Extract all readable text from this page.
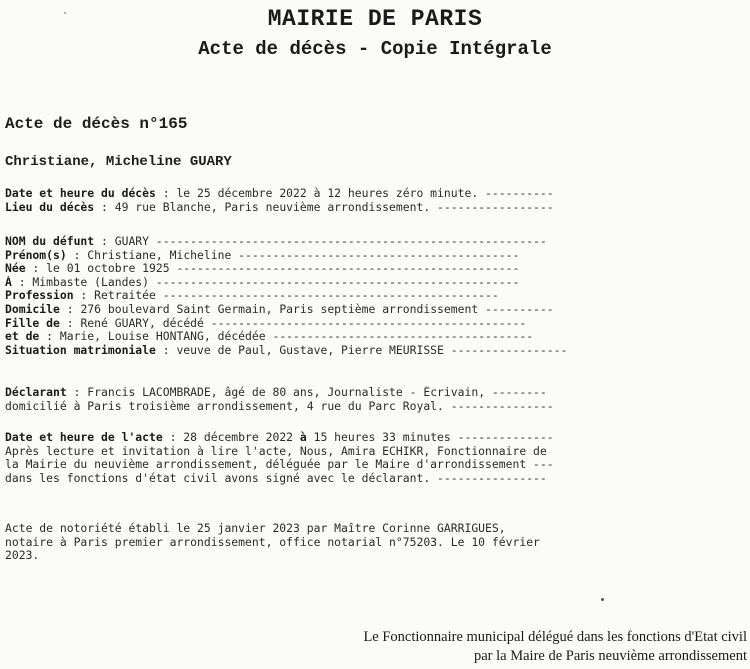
MAIRIE DE PARIS
Acte de décès - Copie Intégrale
Acte de décès n°165
Christiane, Micheline GUARY
Date et heure du décès : le 25 décembre 2022 à 12 heures zéro minute. ----------
Lieu du décès : 49 rue Blanche, Paris neuvième arrondissement. -----------------
NOM du défunt : GUARY ---------------------------------------------------------
Prénom(s) : Christiane, Micheline -----------------------------------------
Née : le 01 octobre 1925 --------------------------------------------------
À : Mimbaste (Landes) -----------------------------------------------------
Profession : Retraitée -------------------------------------------------
Domicile : 276 boulevard Saint Germain, Paris septième arrondissement ----------
Fille de : René GUARY, décédé ----------------------------------------------
et de : Marie, Louise HONTANG, décédée --------------------------------------
Situation matrimoniale : veuve de Paul, Gustave, Pierre MEURISSE -----------------
Déclarant : Francis LACOMBRADE, âgé de 80 ans, Journaliste - Écrivain, --------
domicilié à Paris troisième arrondissement, 4 rue du Parc Royal. ---------------
Date et heure de l'acte : 28 décembre 2022 à 15 heures 33 minutes --------------
Après lecture et invitation à lire l'acte, Nous, Amira ECHIKR, Fonctionnaire de
la Mairie du neuvième arrondissement, déléguée par le Maire d'arrondissement ---
dans les fonctions d'état civil avons signé avec le déclarant. ----------------
Acte de notoriété établi le 25 janvier 2023 par Maître Corinne GARRIGUES,
notaire à Paris premier arrondissement, office notarial n°75203. Le 10 février
2023.
Le Fonctionnaire municipal délégué dans les fonctions d'Etat civil
par la Maire de Paris neuvième arrondissement
